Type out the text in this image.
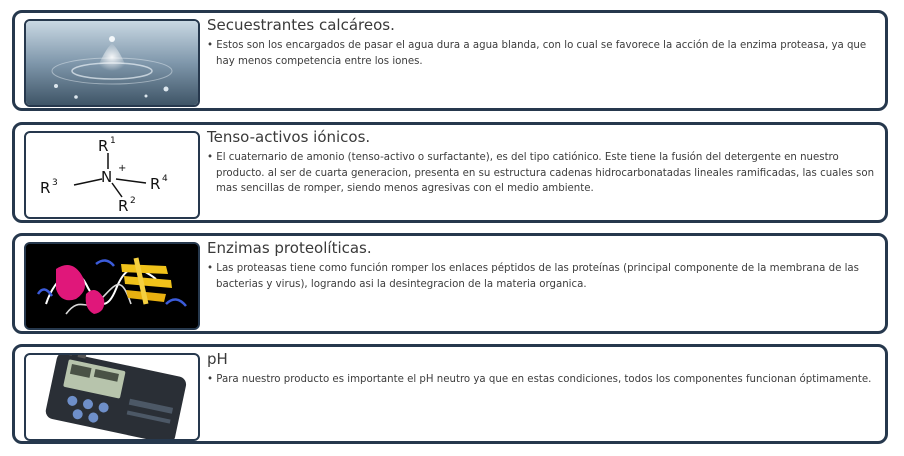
Secuestrantes calcáreos.
• Estos son los encargados de pasar el agua dura a agua blanda, con lo cual se favorece la acción de la enzima proteasa, ya que hay menos competencia entre los iones.
R 1
N +
R 4
R 3
R 2
Tenso-activos iónicos.
• El cuaternario de amonio (tenso-activo o surfactante), es del tipo catiónico. Este tiene la fusión del detergente en nuestro producto. al ser de cuarta generacion, presenta en su estructura cadenas hidrocarbonatadas lineales ramificadas, las cuales son mas sencillas de romper, siendo menos agresivas con el medio ambiente.
Enzimas proteolíticas.
• Las proteasas tiene como función romper los enlaces péptidos de las proteínas (principal componente de la membrana de las bacterias y virus), logrando asi la desintegracion de la materia organica.
pH
• Para nuestro producto es importante el pH neutro ya que en estas condiciones, todos los componentes funcionan óptimamente.
